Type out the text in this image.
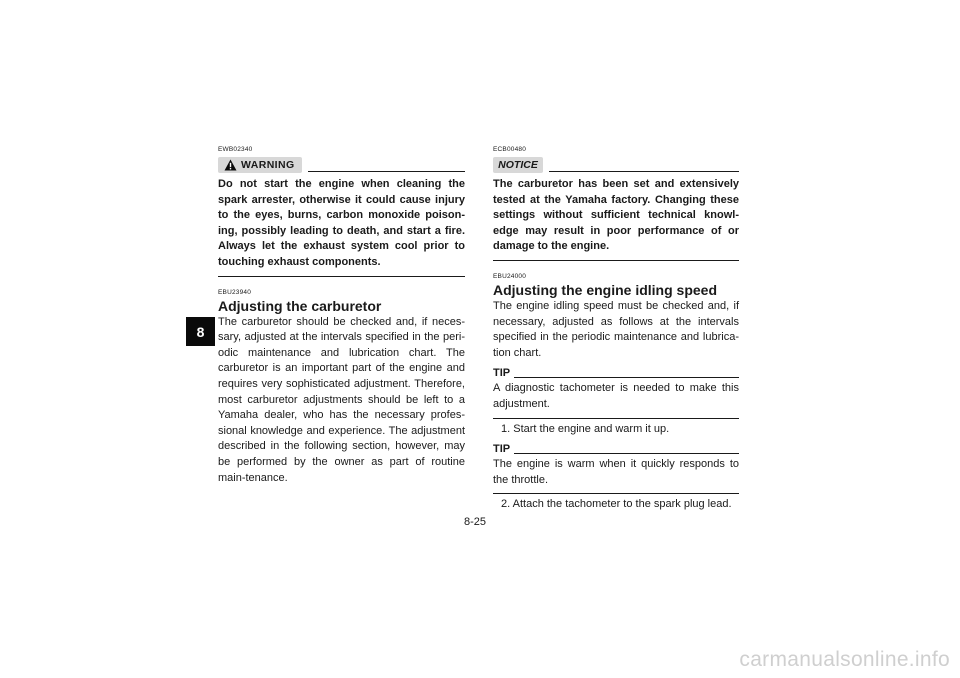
8

EWB02340

WARNING

Do not start the engine when cleaning the spark arrester, otherwise it could cause injury to the eyes, burns, carbon monoxide poison-ing, possibly leading to death, and start a fire. Always let the exhaust system cool prior to touching exhaust components.

EBU23940

Adjusting the carburetor

The carburetor should be checked and, if neces-sary, adjusted at the intervals specified in the peri-odic maintenance and lubrication chart. The carburetor is an important part of the engine and requires very sophisticated adjustment. Therefore, most carburetor adjustments should be left to a Yamaha dealer, who has the necessary profes-sional knowledge and experience. The adjustment described in the following section, however, may be performed by the owner as part of routine main-tenance.

ECB00480

NOTICE

The carburetor has been set and extensively tested at the Yamaha factory. Changing these settings without sufficient technical knowl-edge may result in poor performance of or damage to the engine.

EBU24000

Adjusting the engine idling speed

The engine idling speed must be checked and, if necessary, adjusted as follows at the intervals specified in the periodic maintenance and lubrica-tion chart.

TIP

A diagnostic tachometer is needed to make this adjustment.

1. Start the engine and warm it up.

TIP

The engine is warm when it quickly responds to the throttle.

2. Attach the tachometer to the spark plug lead.

8-25
carmanualsonline.info
